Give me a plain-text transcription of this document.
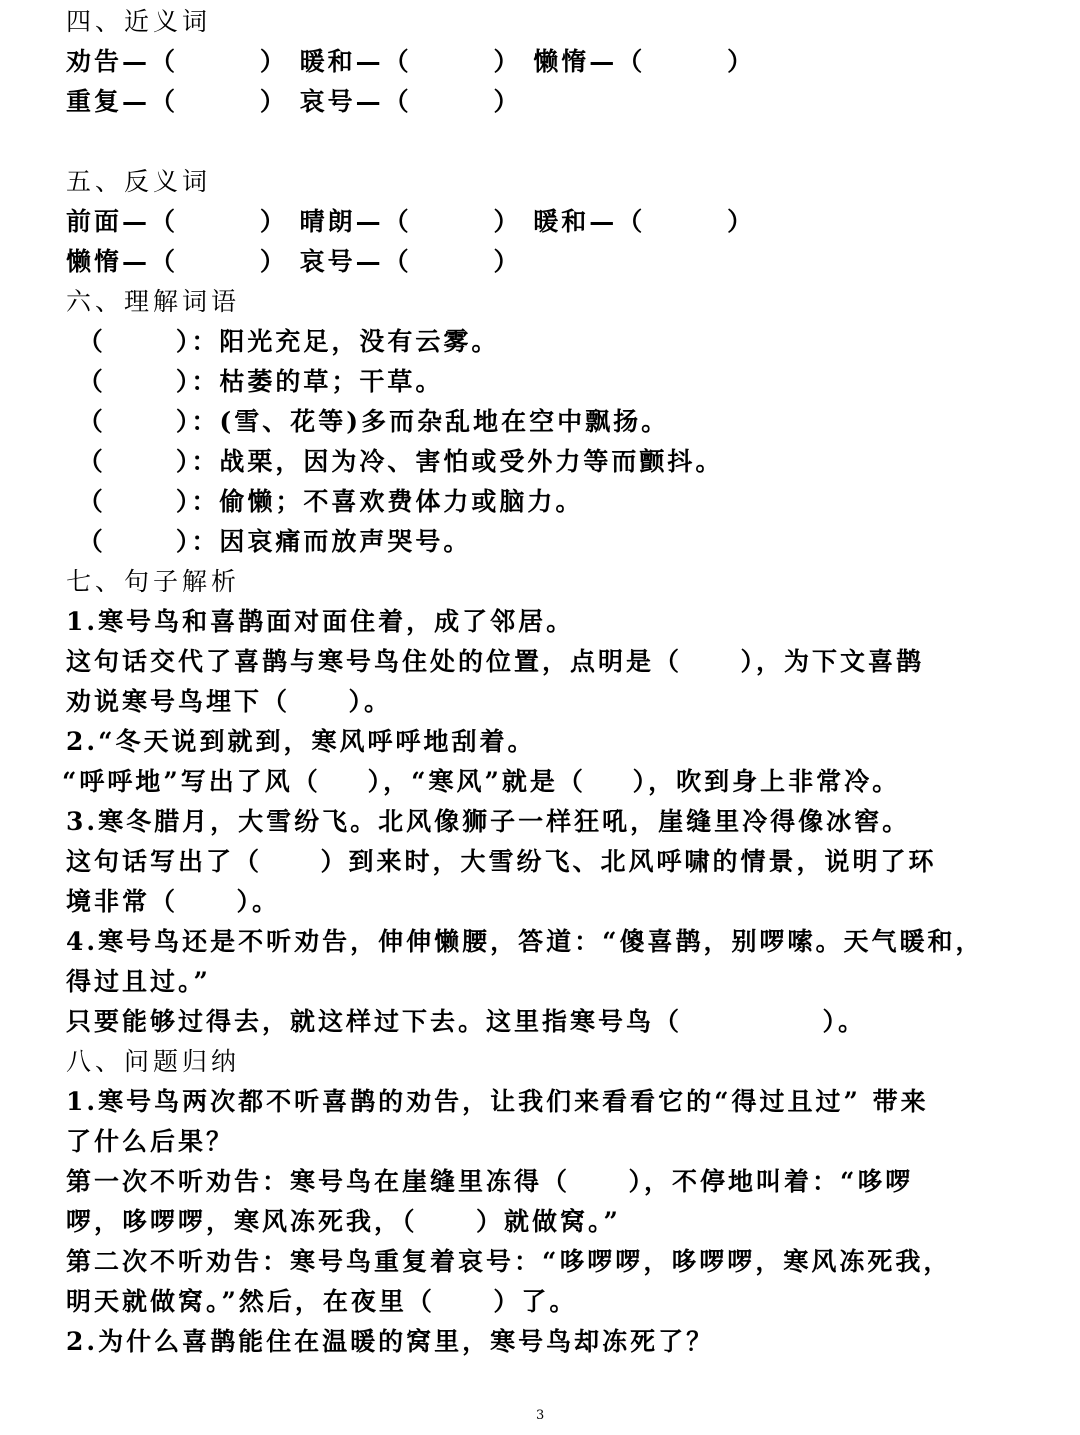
四、近义词
劝告—（       ） 暖和—（       ） 懒惰—（       ）
重复—（       ） 哀号—（       ）
五、反义词
前面—（       ） 晴朗—（       ） 暖和—（       ）
懒惰—（       ） 哀号—（       ）
六、理解词语
（      ）：阳光充足，没有云雾。
（      ）：枯萎的草；干草。
（      ）：(雪、花等)多而杂乱地在空中飘扬。
（      ）：战栗，因为冷、害怕或受外力等而颤抖。
（      ）：偷懒；不喜欢费体力或脑力。
（      ）：因哀痛而放声哭号。
七、句子解析
1.寒号鸟和喜鹊面对面住着，成了邻居。
这句话交代了喜鹊与寒号鸟住处的位置，点明是（     ），为下文喜鹊
劝说寒号鸟埋下（     ）。
2.“冬天说到就到，寒风呼呼地刮着。
“呼呼地”写出了风（    ），“寒风”就是（    ），吹到身上非常冷。
3.寒冬腊月，大雪纷飞。北风像狮子一样狂吼，崖缝里冷得像冰窖。
这句话写出了（     ）到来时，大雪纷飞、北风呼啸的情景，说明了环
境非常（     ）。
4.寒号鸟还是不听劝告，伸伸懒腰，答道：“傻喜鹊，别啰嗦。天气暖和，
得过且过。”
只要能够过得去，就这样过下去。这里指寒号鸟（            ）。
八、问题归纳
1.寒号鸟两次都不听喜鹊的劝告，让我们来看看它的“得过且过” 带来
了什么后果？
第一次不听劝告：寒号鸟在崖缝里冻得（     ），不停地叫着：“哆啰
啰，哆啰啰，寒风冻死我，（     ）就做窝。”
第二次不听劝告：寒号鸟重复着哀号：“哆啰啰，哆啰啰，寒风冻死我，
明天就做窝。”然后，在夜里（     ）了。
2.为什么喜鹊能住在温暖的窝里，寒号鸟却冻死了？
3
